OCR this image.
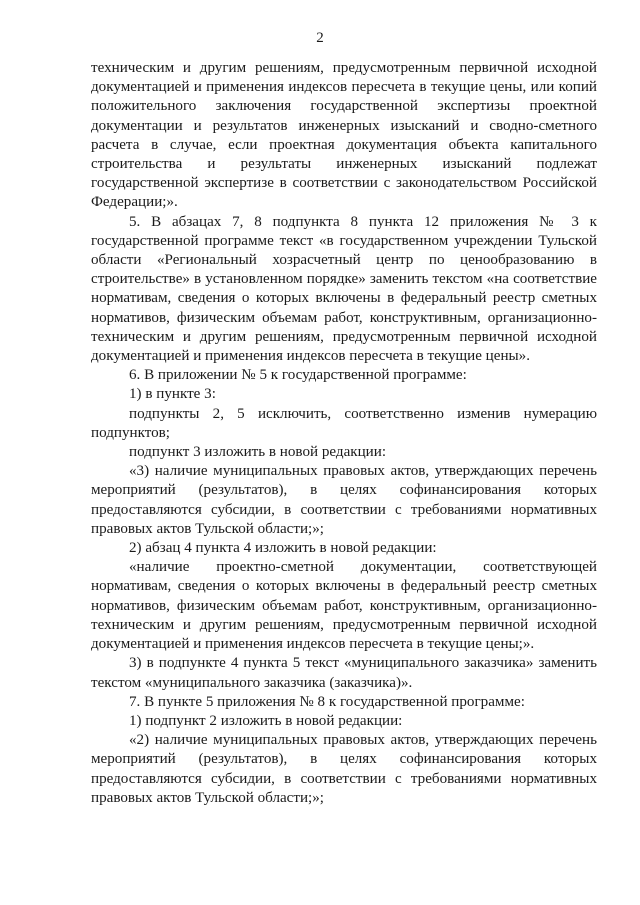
2

техническим и другим решениям, предусмотренным первичной исходной документацией и применения индексов пересчета в текущие цены, или копий положительного заключения государственной экспертизы проектной документации и результатов инженерных изысканий и сводно-сметного расчета в случае, если проектная документация объекта капитального строительства и результаты инженерных изысканий подлежат государственной экспертизе в соответствии с законодательством Российской Федерации;».

5. В абзацах 7, 8 подпункта 8 пункта 12 приложения № 3 к государственной программе текст «в государственном учреждении Тульской области «Региональный хозрасчетный центр по ценообразованию в строительстве» в установленном порядке» заменить текстом «на соответствие нормативам, сведения о которых включены в федеральный реестр сметных нормативов, физическим объемам работ, конструктивным, организационно-техническим и другим решениям, предусмотренным первичной исходной документацией и применения индексов пересчета в текущие цены».

6. В приложении № 5 к государственной программе:

1) в пункте 3:

подпункты 2, 5 исключить, соответственно изменив нумерацию подпунктов;

подпункт 3 изложить в новой редакции:

«3) наличие муниципальных правовых актов, утверждающих перечень мероприятий (результатов), в целях софинансирования которых предоставляются субсидии, в соответствии с требованиями нормативных правовых актов Тульской области;»;

2) абзац 4 пункта 4 изложить в новой редакции:

«наличие проектно-сметной документации, соответствующей нормативам, сведения о которых включены в федеральный реестр сметных нормативов, физическим объемам работ, конструктивным, организационно-техническим и другим решениям, предусмотренным первичной исходной документацией и применения индексов пересчета в текущие цены;».

3) в подпункте 4 пункта 5 текст «муниципального заказчика» заменить текстом «муниципального заказчика (заказчика)».

7. В пункте 5 приложения № 8 к государственной программе:

1) подпункт 2 изложить в новой редакции:

«2) наличие муниципальных правовых актов, утверждающих перечень мероприятий (результатов), в целях софинансирования которых предоставляются субсидии, в соответствии с требованиями нормативных правовых актов Тульской области;»;
